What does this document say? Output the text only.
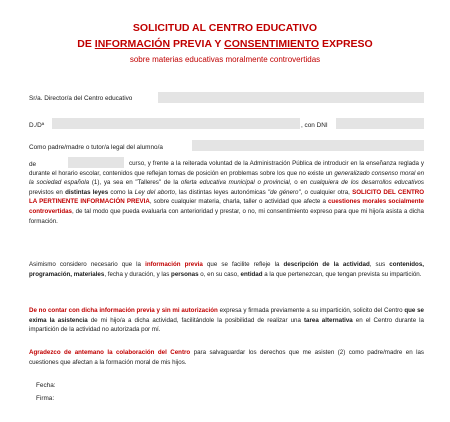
SOLICITUD AL CENTRO EDUCATIVO
DE INFORMACIÓN PREVIA Y CONSENTIMIENTO EXPRESO
sobre materias educativas moralmente controvertidas
Sr/a. Director/a del Centro educativo
D./Dª	, con DNI
Como padre/madre o tutor/a legal del alumno/a
de	curso, y frente a la reiterada voluntad de la Administración Pública de introducir en la enseñanza reglada y durante el horario escolar, contenidos que reflejan tomas de posición en problemas sobre los que no existe un generalizado consenso moral en la sociedad española (1), ya sea en "Talleres" de la oferta educativa municipal o provincial, o en cualquiera de los desarrollos educativos previstos en distintas leyes como la Ley del aborto, las distintas leyes autonómicas "de género", o cualquier otra, SOLICITO DEL CENTRO LA PERTINENTE INFORMACIÓN PREVIA, sobre cualquier materia, charla, taller o actividad que afecte a cuestiones morales socialmente controvertidas, de tal modo que pueda evaluarla con anterioridad y prestar, o no, mi consentimiento expreso para que mi hijo/a asista a dicha formación.
Asimismo considero necesario que la información previa que se facilite refleje la descripción de la actividad, sus contenidos, programación, materiales, fecha y duración, y las personas o, en su caso, entidad a la que pertenezcan, que tengan prevista su impartición.
De no contar con dicha información previa y sin mi autorización expresa y firmada previamente a su impartición, solicito del Centro que se exima la asistencia de mi hijo/a a dicha actividad, facilitándole la posibilidad de realizar una tarea alternativa en el Centro durante la impartición de la actividad no autorizada por mí.
Agradezco de antemano la colaboración del Centro para salvaguardar los derechos que me asisten (2) como padre/madre en las cuestiones que afectan a la formación moral de mis hijos.
Fecha:
Firma:
